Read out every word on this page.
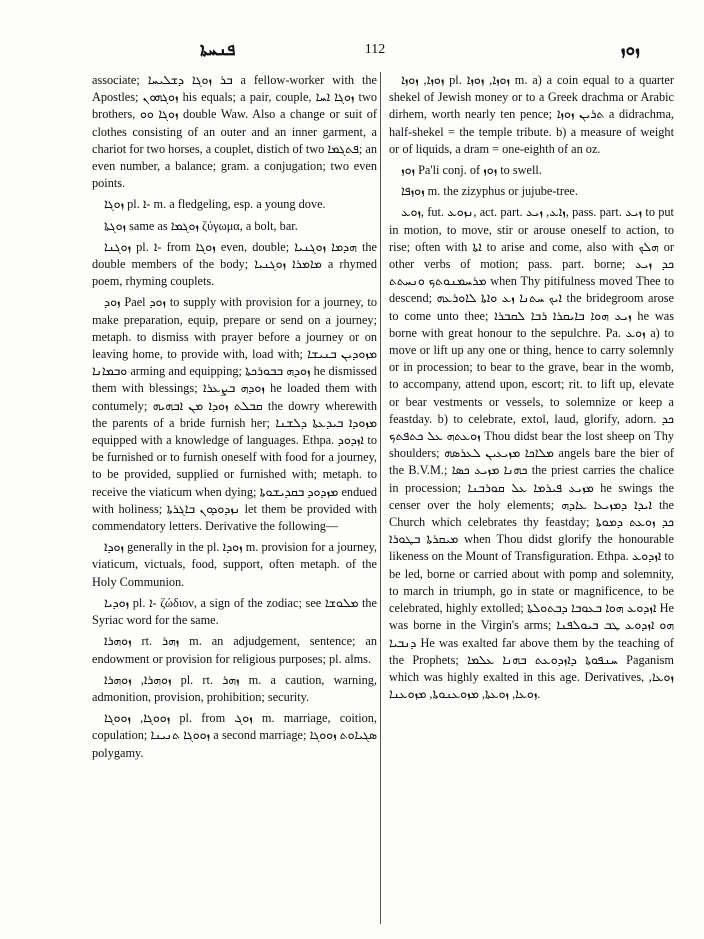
ܦܢܚܬܐ	112	ܙܘܙ

associate; ܒܪ ܙܘܓܐ ܕܫܠܝܚܐ a fellow-worker with the Apostles; ܙܘܓܗܘܢ his equals; a pair, couple, ܙܘܓܐ ܐܚܐ two brothers, ܙܘܓܐ ܘܘ double Waw. Also a change or suit of clothes consisting of an outer and an inner garment, a chariot for two horses, a couplet, distich of two ܦܬܓܡܐ; an even number, a balance; gram. a conjugation; two even points.

ܙܘܓܐ pl. ܐ- m. a fledgeling, esp. a young dove.

ܙܘܓܬܐ same as ܙܘܓܡܐ ζύγωμα, a bolt, bar.

ܙܘܓܢܐ pl. ܐ- from ܙܘܓܐ even, double; ܗܕܡܐ ܙܘܓܢܝܐ the double members of the body; ܡܐܡܪܐ ܙܘܓܢܝܐ a rhymed poem, rhyming couplets.

ܙܘܕ Pael ܙܘܕ to supply with provision for a journey, to make preparation, equip, prepare or send on a journey; metaph. to dismiss with prayer before a journey or on leaving home, to provide with, load with; ܡܙܘܕܝܢ ܒܢܝܫܐ ܘܒܡܐܢܐ arming and equipping; ܙܘܕܗ ܒܒܘܪܟܬܐ he dismissed them with blessings; ܙܘܕܗ ܒܨܥܪܐ he loaded them with contumely; ܩܒܠܬ ܙܘܕܐ ܡܢ ܐܒܗܝܗ the dowry wherewith the parents of a bride furnish her; ܡܙܘܕܐ ܒܝܕܥܬܐ ܕܠܫܢܐ equipped with a knowledge of languages. Ethpa. ܐܙܕܘܕ to be furnished or to furnish oneself with food for a journey, to be provided, supplied or furnished with; metaph. to receive the viaticum when dying; ܡܙܕܘܕ ܒܩܕܝܫܘܬܐ endued with holiness; ܢܙܕܘܕܘܢ ܒܐܓܪܬܐ let them be provided with commendatory letters. Derivative the following—

ܙܘܕܐ generally in the pl. ܙܘܕܐ m. provision for a journey, viaticum, victuals, food, support, often metaph. of the Holy Communion.

ܙܘܕܝܐ pl. ܐ- ζώδιον, a sign of the zodiac; see ܡܠܘܫܐ the Syriac word for the same.

ܙܘܗܪܐ rt. ܙܗܪ m. an adjudgement, sentence; an endowment or provision for religious purposes; pl. alms.

ܙܘܗܪܐ, ܙܘܗܪܐ pl. rt. ܙܗܪ m. a caution, warning, admonition, provision, prohibition; security.

ܙܘܘܓܐ, ܙܘܘܓܐ pl. from ܙܘܓ m. marriage, coition, copulation; ܙܘܘܓܐ ܬܢܝܢܐ a second marriage; ܣܓܝܐܘܬ ܙܘܘܓܐ polygamy.

ܙܘܙܐ, ܙܘܙܐ pl. ܙܘܙܐ, ܙܘܙܐ m. a) a coin equal to a quarter shekel of Jewish money or to a Greek drachma or Arabic dirhem, worth nearly ten pence; ܬܪܝܢ ܙܘܙܐ a didrachma, half-shekel = the temple tribute. b) a measure of weight or of liquids, a dram = one-eighth of an oz.

ܙܘܙ Pa'li conj. of ܙܘܙ to swell.

ܙܘܙܦܐ m. the zizyphus or jujube-tree.

ܙܘܥ, fut. ܢܙܘܥ, act. part. ܙܐܥ, ܙܝܥ, pass. part. ܙܝܥ to put in motion, to move, stir or arouse oneself to action, to rise; often with ܐܬܐ to arise and come, also with ܗܠܟ or other verbs of motion; pass. part. borne; ܟܕ ܙܝܥ ܡܪܚܡܢܘܬܟ ܘܢܚܬܬ when Thy pitifulness moved Thee to descend; ܐܝܟ ܚܬܢܐ ܙܥ ܘܐܬܐ ܠܐܘܪܥܗ the bridegroom arose to come unto thee; ܙܝܥ ܗܘܐ ܒܐܝܩܪܐ ܪܒܐ ܠܩܒܪܐ he was borne with great honour to the sepulchre. Pa. ܙܘܥ a) to move or lift up any one or thing, hence to carry solemnly or in procession; to bear to the grave, bear in the womb, to accompany, attend upon, escort; rit. to lift up, elevate or bear vestments or vessels, to solemnize or keep a feastday. b) to celebrate, extol, laud, glorify, adorn. ܟܕ ܙܘܥܬܗ ܥܠ ܟܬܦܬܟ Thou didst bear the lost sheep on Thy shoulders; ܡܠܐܟܐ ܡܙܝܥܝܢ ܠܥܪܣܗ angels bare the bier of the B.V.M.; ܟܗܢܐ ܡܙܝܥ ܟܣܐ the priest carries the chalice in procession; ܡܙܝܥ ܦܝܪܡܐ ܥܠ ܩܘܪܒܢܐ he swings the censer over the holy elements; ܐܝܕܐ ܕܡܙܝܥܐ ܥܐܕܗ the Church which celebrates thy feastday; ܟܕ ܙܘܥܬ ܕܡܘܬܐ ܡܝܩܪܬܐ ܒܛܘܪܐ when Thou didst glorify the honourable likeness on the Mount of Transfiguration. Ethpa. ܐܙܕܘܥ to be led, borne or carried about with pomp and solemnity, to march in triumph, go in state or magnificence, to be celebrated, highly extolled; ܐܙܕܘܥ ܗܘܐ ܒܥܘܒܐ ܕܒܬܘܠܬܐ He was borne in the Virgin's arms; ܗܘ ܐܙܕܘܥ ܛܒ ܒܝܘܠܦܢܐ ܕܢܒܝܐ He was exalted far above them by the teaching of the Prophets; ܚܢܦܘܬܐ ܕܐܙܕܘܥܬ ܒܗܢܐ ܥܠܡܐ Paganism which was highly exalted in this age. Derivatives, ܙܘܥܐ, ܙܘܥܐ, ܙܘܥܬܐ, ܡܙܘܥܢܘܬܐ, ܡܙܘܥܢܐ.
